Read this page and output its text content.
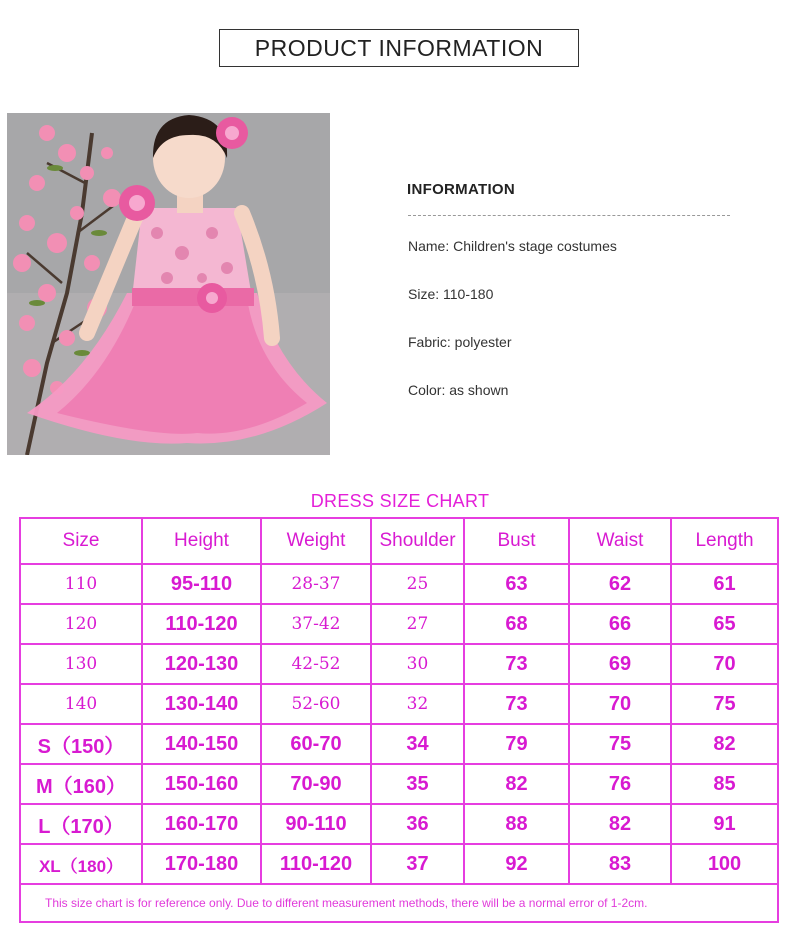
PRODUCT INFORMATION
INFORMATION
Name: Children's stage costumes
Size: 110-180
Fabric: polyester
Color: as shown
DRESS SIZE CHART
Size	Height	Weight	Shoulder	Bust	Waist	Length
110	95-110	28-37	25	63	62	61
120	110-120	37-42	27	68	66	65
130	120-130	42-52	30	73	69	70
140	130-140	52-60	32	73	70	75
S（150）	140-150	60-70	34	79	75	82
M（160）	150-160	70-90	35	82	76	85
L（170）	160-170	90-110	36	88	82	91
XL（180）	170-180	110-120	37	92	83	100
This size chart is for reference only. Due to different measurement methods, there will be a normal error of 1-2cm.						
